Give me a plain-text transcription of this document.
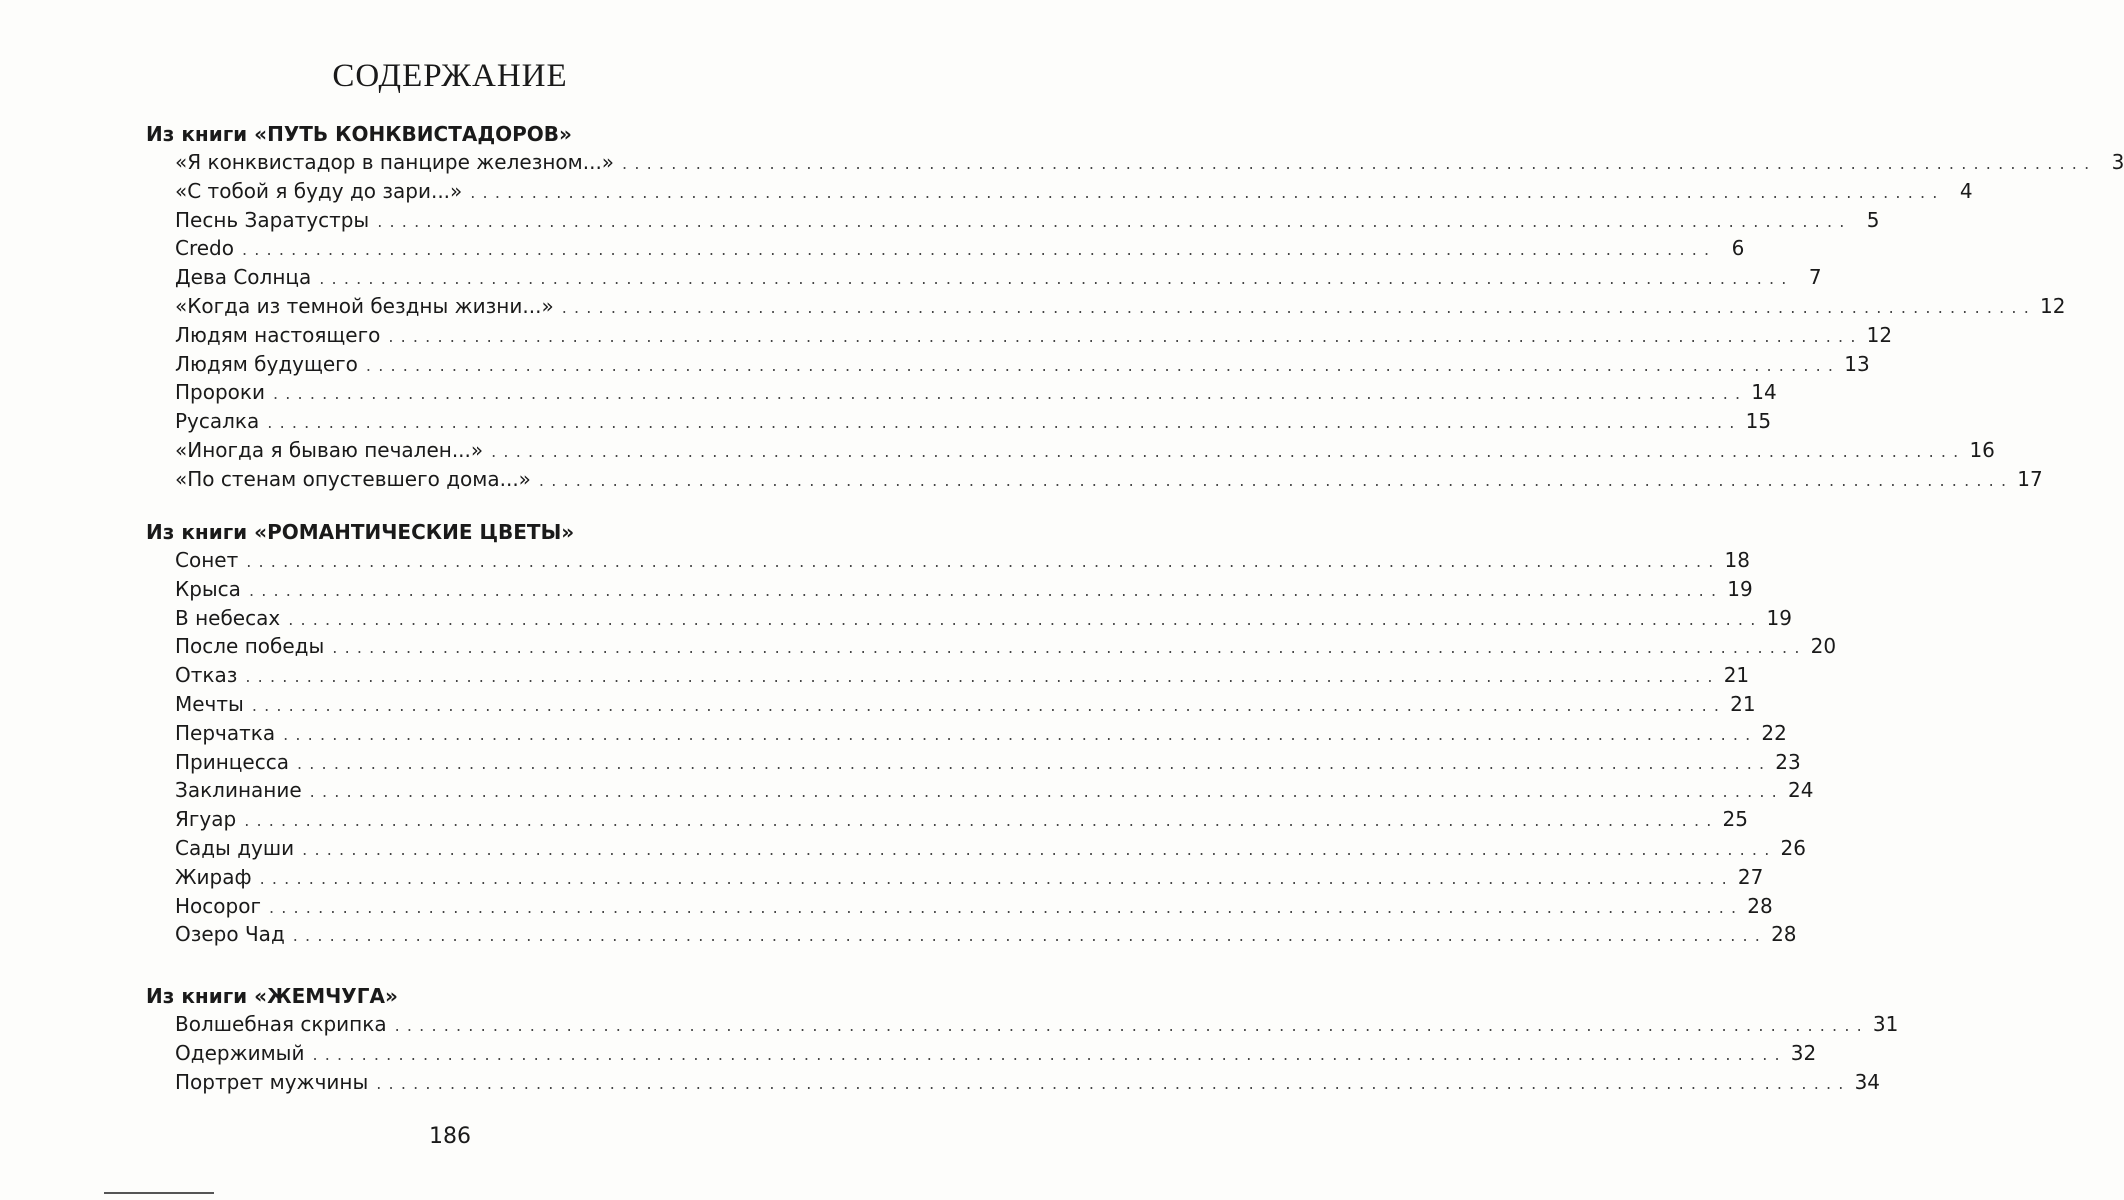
СОДЕРЖАНИЕ
Из книги «ПУТЬ КОНКВИСТАДОРОВ»
«Я конквистадор в панцире железном...» ........................................................................................................................ 3
«С тобой я буду до зари...» ........................................................................................................................ 4
Песнь Заратустры ........................................................................................................................ 5
Credo ........................................................................................................................ 6
Дева Солнца ........................................................................................................................ 7
«Когда из темной бездны жизни...» ........................................................................................................................ 12
Людям настоящего ........................................................................................................................ 12
Людям будущего ........................................................................................................................ 13
Пророки ........................................................................................................................ 14
Русалка ........................................................................................................................ 15
«Иногда я бываю печален...» ........................................................................................................................ 16
«По стенам опустевшего дома...» ........................................................................................................................ 17
Из книги «РОМАНТИЧЕСКИЕ ЦВЕТЫ»
Сонет ........................................................................................................................ 18
Крыса ........................................................................................................................ 19
В небесах ........................................................................................................................ 19
После победы ........................................................................................................................ 20
Отказ ........................................................................................................................ 21
Мечты ........................................................................................................................ 21
Перчатка ........................................................................................................................ 22
Принцесса ........................................................................................................................ 23
Заклинание ........................................................................................................................ 24
Ягуар ........................................................................................................................ 25
Сады души ........................................................................................................................ 26
Жираф ........................................................................................................................ 27
Носорог ........................................................................................................................ 28
Озеро Чад ........................................................................................................................ 28
Из книги «ЖЕМЧУГА»
Волшебная скрипка ........................................................................................................................ 31
Одержимый ........................................................................................................................ 32
Портрет мужчины ........................................................................................................................ 34
186
